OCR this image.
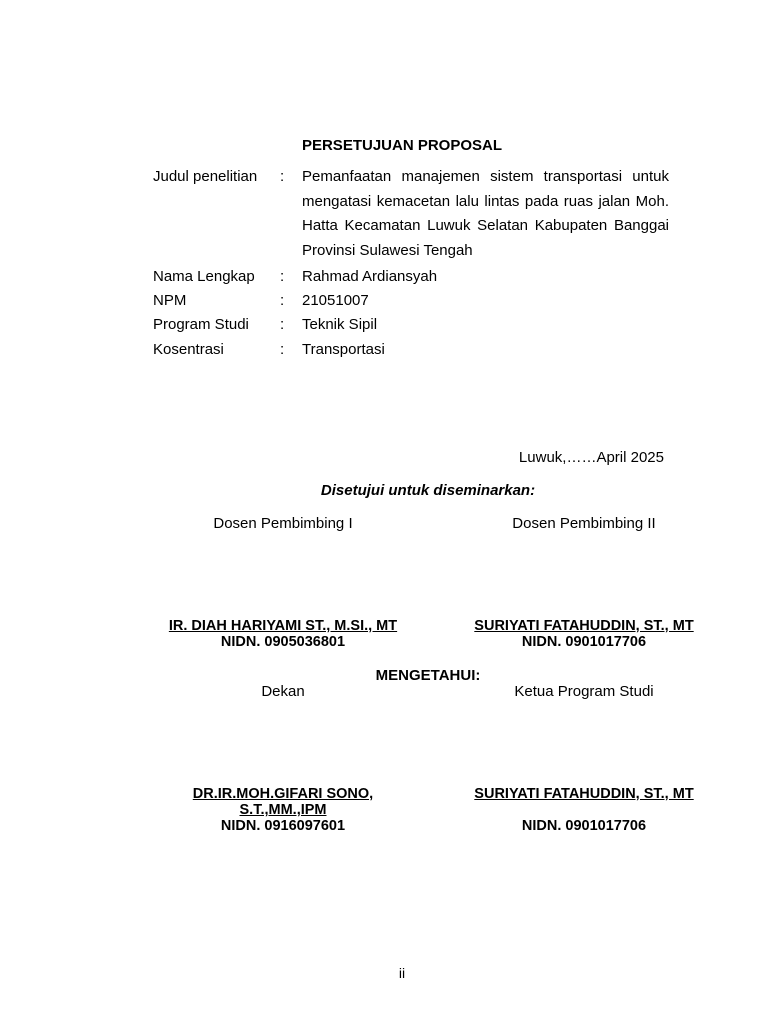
PERSETUJUAN PROPOSAL
Judul penelitian : Pemanfaatan manajemen sistem transportasi untuk mengatasi kemacetan lalu lintas pada ruas jalan Moh. Hatta Kecamatan Luwuk Selatan Kabupaten Banggai Provinsi Sulawesi Tengah
Nama Lengkap : Rahmad Ardiansyah
NPM	: 21051007
Program Studi : Teknik Sipil
Kosentrasi	: Transportasi
Luwuk,……April 2025
Disetujui untuk diseminarkan:
Dosen Pembimbing I	Dosen Pembimbing II
IR. DIAH HARIYAMI ST., M.SI., MT
NIDN. 0905036801
SURIYATI FATAHUDDIN, ST., MT
NIDN. 0901017706
MENGETAHUI:
Dekan	Ketua Program Studi
DR.IR.MOH.GIFARI SONO, S.T.,MM.,IPM
NIDN. 0916097601
SURIYATI FATAHUDDIN, ST., MT
NIDN. 0901017706
ii
